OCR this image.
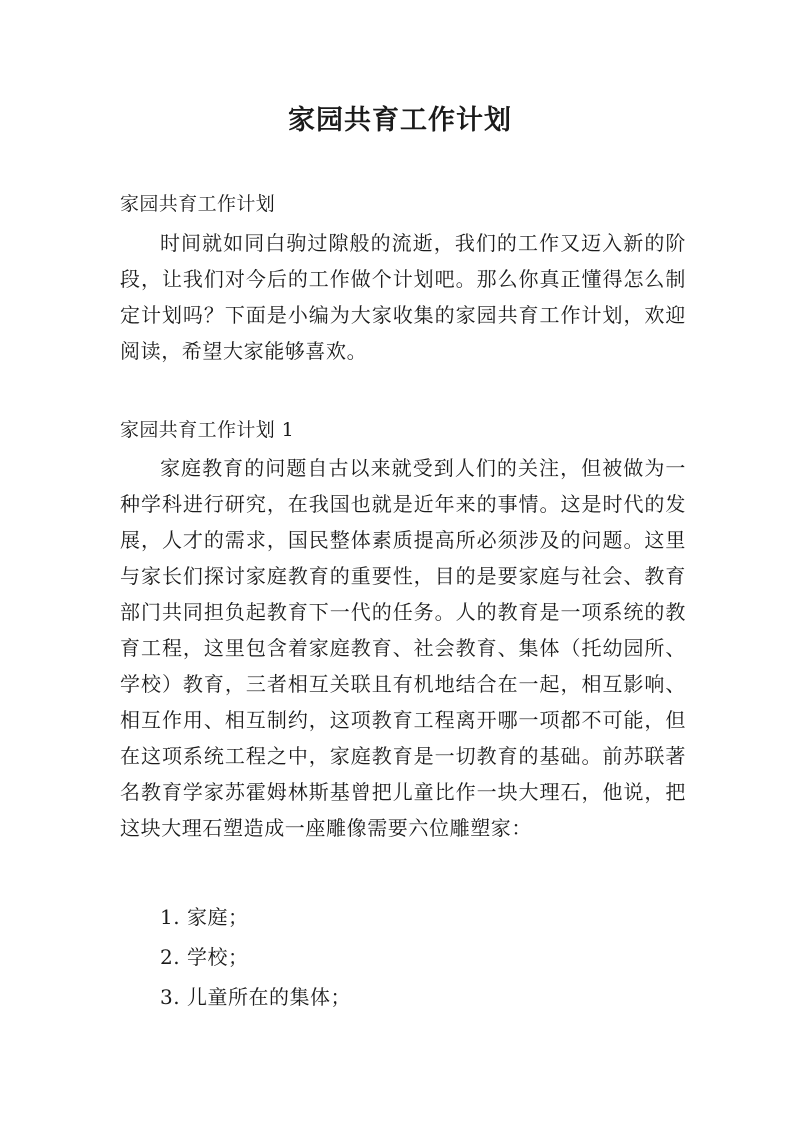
家园共育工作计划

家园共育工作计划

时间就如同白驹过隙般的流逝，我们的工作又迈入新的阶段，让我们对今后的工作做个计划吧。那么你真正懂得怎么制定计划吗？下面是小编为大家收集的家园共育工作计划，欢迎阅读，希望大家能够喜欢。

家园共育工作计划 1

家庭教育的问题自古以来就受到人们的关注，但被做为一种学科进行研究，在我国也就是近年来的事情。这是时代的发展，人才的需求，国民整体素质提高所必须涉及的问题。这里与家长们探讨家庭教育的重要性，目的是要家庭与社会、教育部门共同担负起教育下一代的任务。人的教育是一项系统的教育工程，这里包含着家庭教育、社会教育、集体（托幼园所、学校）教育，三者相互关联且有机地结合在一起，相互影响、相互作用、相互制约，这项教育工程离开哪一项都不可能，但在这项系统工程之中，家庭教育是一切教育的基础。前苏联著名教育学家苏霍姆林斯基曾把儿童比作一块大理石，他说，把这块大理石塑造成一座雕像需要六位雕塑家：

1. 家庭；

2. 学校；

3. 儿童所在的集体；
